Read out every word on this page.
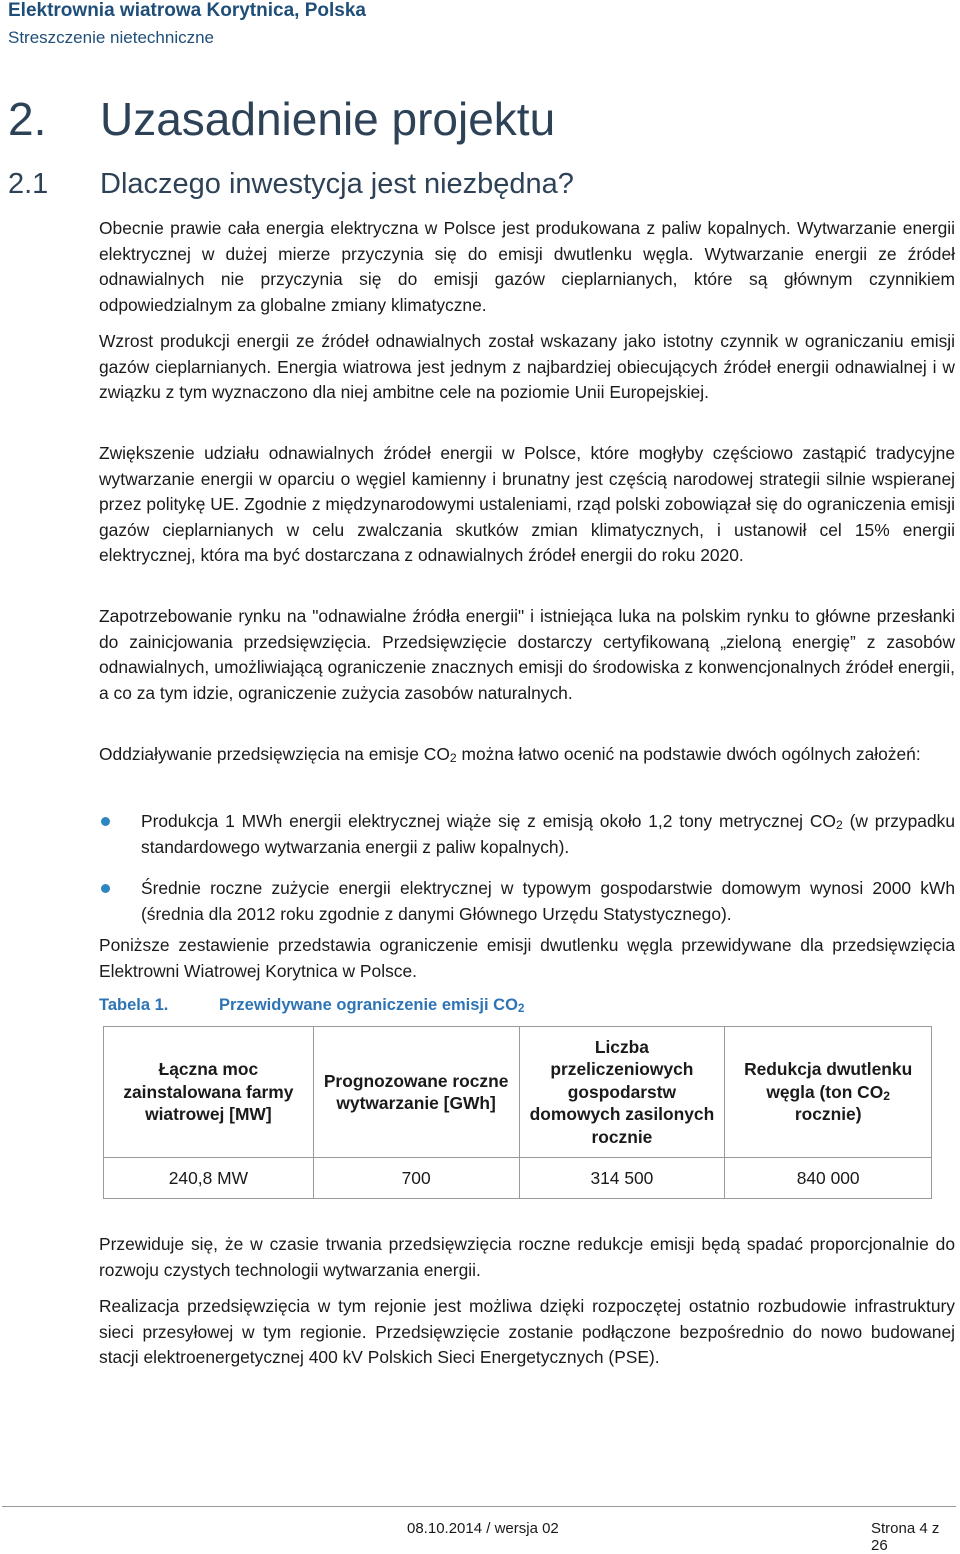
Elektrownia wiatrowa Korytnica, Polska
Streszczenie nietechniczne
2. Uzasadnienie projektu
2.1 Dlaczego inwestycja jest niezbędna?

Obecnie prawie cała energia elektryczna w Polsce jest produkowana z paliw kopalnych. Wytwarzanie energii elektrycznej w dużej mierze przyczynia się do emisji dwutlenku węgla. Wytwarzanie energii ze źródeł odnawialnych nie przyczynia się do emisji gazów cieplarnianych, które są głównym czynnikiem odpowiedzialnym za globalne zmiany klimatyczne.

Wzrost produkcji energii ze źródeł odnawialnych został wskazany jako istotny czynnik w ograniczaniu emisji gazów cieplarnianych. Energia wiatrowa jest jednym z najbardziej obiecujących źródeł energii odnawialnej i w związku z tym wyznaczono dla niej ambitne cele na poziomie Unii Europejskiej.

Zwiększenie udziału odnawialnych źródeł energii w Polsce, które mogłyby częściowo zastąpić tradycyjne wytwarzanie energii w oparciu o węgiel kamienny i brunatny jest częścią narodowej strategii silnie wspieranej przez politykę UE. Zgodnie z międzynarodowymi ustaleniami, rząd polski zobowiązał się do ograniczenia emisji gazów cieplarnianych w celu zwalczania skutków zmian klimatycznych, i ustanowił cel 15% energii elektrycznej, która ma być dostarczana z odnawialnych źródeł energii do roku 2020.

Zapotrzebowanie rynku na "odnawialne źródła energii" i istniejąca luka na polskim rynku to główne przesłanki do zainicjowania przedsięwzięcia. Przedsięwzięcie dostarczy certyfikowaną „zieloną energię” z zasobów odnawialnych, umożliwiającą ograniczenie znacznych emisji do środowiska z konwencjonalnych źródeł energii, a co za tym idzie, ograniczenie zużycia zasobów naturalnych.

Oddziaływanie przedsięwzięcia na emisje $CO_2$ można łatwo ocenić na podstawie dwóch ogólnych założeń:

Produkcja 1 MWh energii elektrycznej wiąże się z emisją około 1,2 tony metrycznej $CO_2$ (w przypadku standardowego wytwarzania energii z paliw kopalnych).
Średnie roczne zużycie energii elektrycznej w typowym gospodarstwie domowym wynosi 2000 kWh (średnia dla 2012 roku zgodnie z danymi Głównego Urzędu Statystycznego).

Poniższe zestawienie przedstawia ograniczenie emisji dwutlenku węgla przewidywane dla przedsięwzięcia Elektrowni Wiatrowej Korytnica w Polsce.

Tabela 1.	Przewidywane ograniczenie emisji $CO_2$
Łączna moc zainstalowana farmy wiatrowej [MW]	Prognozowane roczne wytwarzanie [GWh]	Liczba przeliczeniowych gospodarstw domowych zasilonych rocznie	Redukcja dwutlenku węgla (ton $CO_2$ rocznie)
240,8 MW	700	314 500	840 000

Przewiduje się, że w czasie trwania przedsięwzięcia roczne redukcje emisji będą spadać proporcjonalnie do rozwoju czystych technologii wytwarzania energii.

Realizacja przedsięwzięcia w tym rejonie jest możliwa dzięki rozpoczętej ostatnio rozbudowie infrastruktury sieci przesyłowej w tym regionie. Przedsięwzięcie zostanie podłączone bezpośrednio do nowo budowanej stacji elektroenergetycznej 400 kV Polskich Sieci Energetycznych (PSE).

08.10.2014 / wersja 02	Strona 4 z 26
